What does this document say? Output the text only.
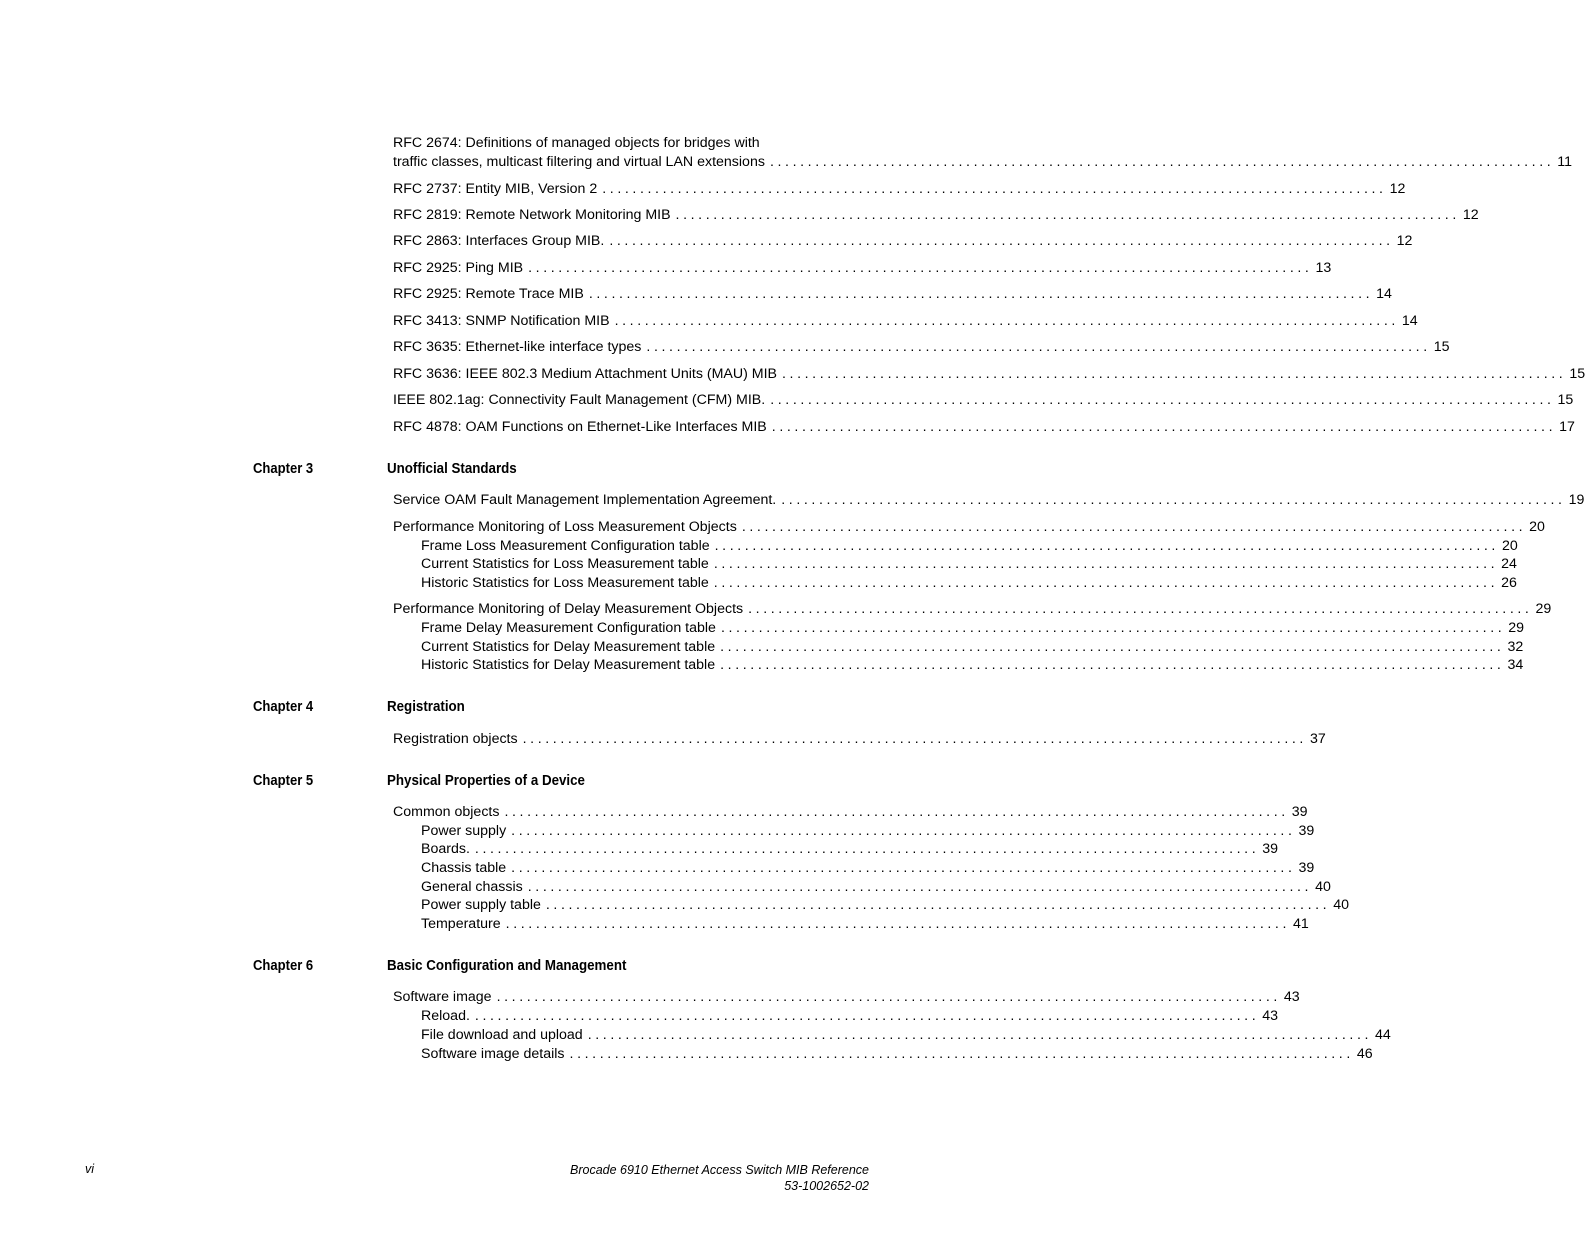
RFC 2674: Definitions of managed objects for bridges with
traffic classes, multicast filtering and virtual LAN extensions ........................................................................................................ 11
RFC 2737: Entity MIB, Version 2 ........................................................................................................ 12
RFC 2819: Remote Network Monitoring MIB ........................................................................................................ 12
RFC 2863: Interfaces Group MIB. ........................................................................................................ 12
RFC 2925: Ping MIB ........................................................................................................ 13
RFC 2925: Remote Trace MIB ........................................................................................................ 14
RFC 3413: SNMP Notification MIB ........................................................................................................ 14
RFC 3635: Ethernet-like interface types ........................................................................................................ 15
RFC 3636: IEEE 802.3 Medium Attachment Units (MAU) MIB ........................................................................................................ 15
IEEE 802.1ag: Connectivity Fault Management (CFM) MIB. ........................................................................................................ 15
RFC 4878: OAM Functions on Ethernet-Like Interfaces MIB ........................................................................................................ 17
Chapter 3	Unofficial Standards
Service OAM Fault Management Implementation Agreement. ........................................................................................................ 19
Performance Monitoring of Loss Measurement Objects ........................................................................................................ 20
Frame Loss Measurement Configuration table ........................................................................................................ 20
Current Statistics for Loss Measurement table ........................................................................................................ 24
Historic Statistics for Loss Measurement table ........................................................................................................ 26
Performance Monitoring of Delay Measurement Objects ........................................................................................................ 29
Frame Delay Measurement Configuration table ........................................................................................................ 29
Current Statistics for Delay Measurement table ........................................................................................................ 32
Historic Statistics for Delay Measurement table ........................................................................................................ 34
Chapter 4	Registration
Registration objects ........................................................................................................ 37
Chapter 5	Physical Properties of a Device
Common objects ........................................................................................................ 39
Power supply ........................................................................................................ 39
Boards. ........................................................................................................ 39
Chassis table ........................................................................................................ 39
General chassis ........................................................................................................ 40
Power supply table ........................................................................................................ 40
Temperature ........................................................................................................ 41
Chapter 6	Basic Configuration and Management
Software image ........................................................................................................ 43
Reload. ........................................................................................................ 43
File download and upload ........................................................................................................ 44
Software image details ........................................................................................................ 46
vi	Brocade 6910 Ethernet Access Switch MIB Reference
53-1002652-02
